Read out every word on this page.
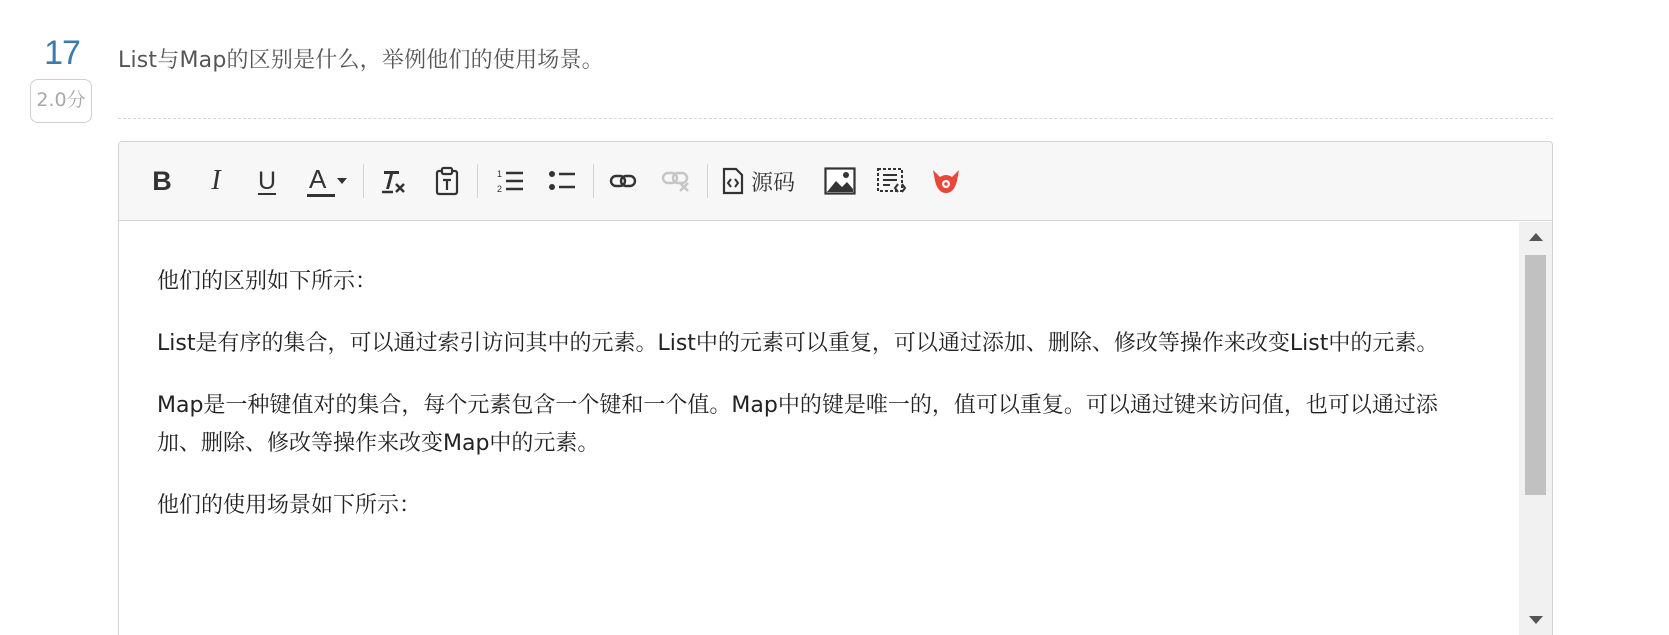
17
2.0分
List与Map的区别是什么，举例他们的使用场景。
B I U A	1
2	源码

他们的区别如下所示：

List是有序的集合，可以通过索引访问其中的元素。List中的元素可以重复，可以通过添加、删除、修改等操作来改变List中的元素。

Map是一种键值对的集合，每个元素包含一个键和一个值。Map中的键是唯一的，值可以重复。可以通过键来访问值，也可以通过添加、删除、修改等操作来改变Map中的元素。

他们的使用场景如下所示：
